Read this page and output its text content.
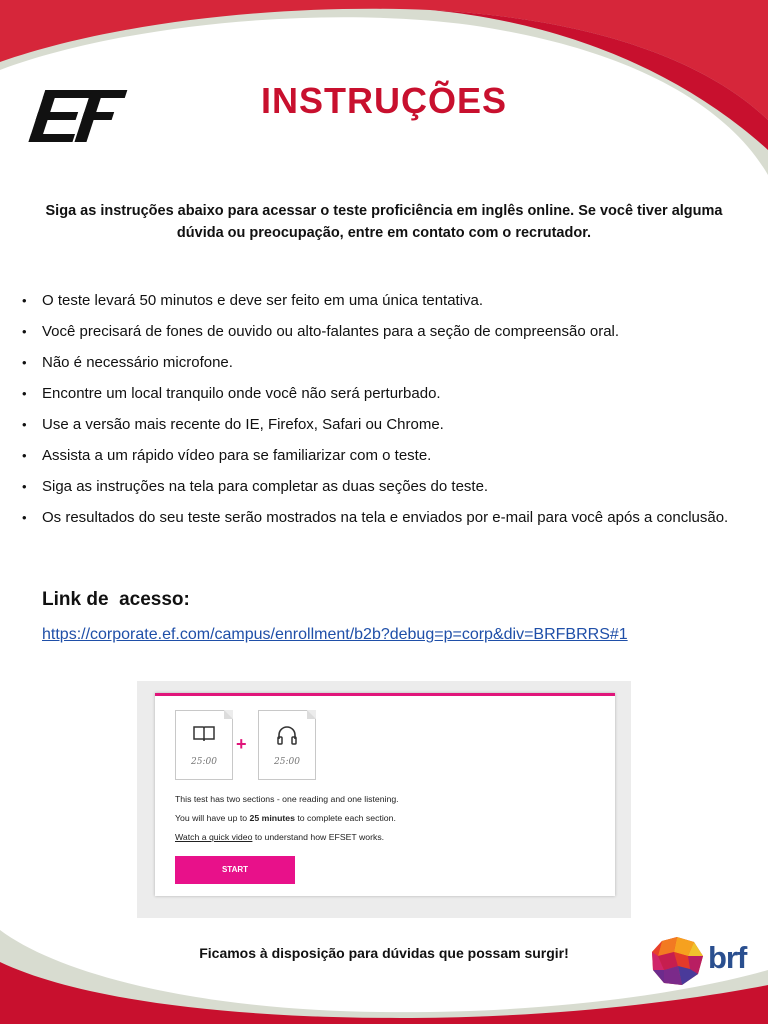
INSTRUÇÕES
Siga as instruções abaixo para acessar o teste proficiência em inglês online. Se você tiver alguma dúvida ou preocupação, entre em contato com o recrutador.
• O teste levará 50 minutos e deve ser feito em uma única tentativa.
• Você precisará de fones de ouvido ou alto-falantes para a seção de compreensão oral.
• Não é necessário microfone.
• Encontre um local tranquilo onde você não será perturbado.
• Use a versão mais recente do IE, Firefox, Safari ou Chrome.
• Assista a um rápido vídeo para se familiarizar com o teste.
• Siga as instruções na tela para completar as duas seções do teste.
• Os resultados do seu teste serão mostrados na tela e enviados por e-mail para você após a conclusão.
Link de  acesso:
https://corporate.ef.com/campus/enrollment/b2b?debug=p=corp&div=BRFBRRS#1
25:00
+
25:00
This test has two sections - one reading and one listening.
You will have up to 25 minutes to complete each section.
Watch a quick video to understand how EFSET works.
START
Ficamos à disposição para dúvidas que possam surgir!	brf
